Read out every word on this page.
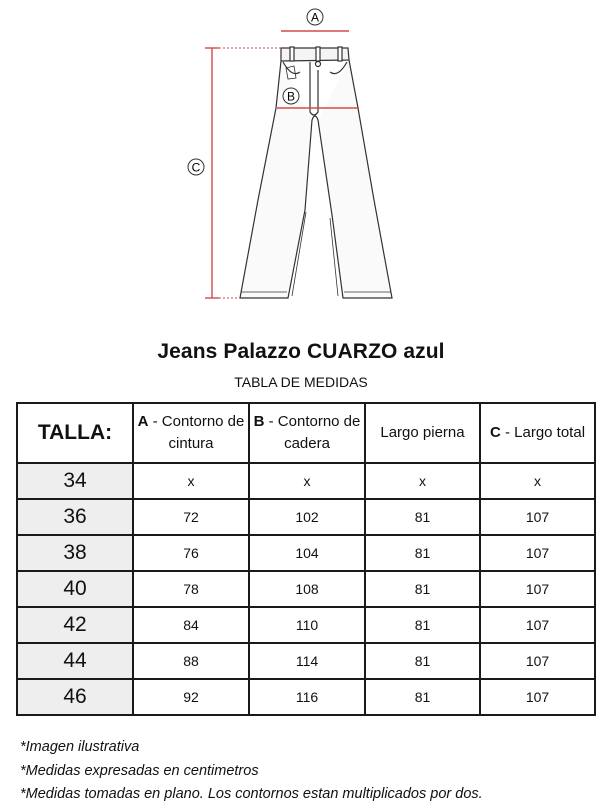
A
B
C
Jeans Palazzo CUARZO azul
TABLA DE MEDIDAS
TALLA:	A - Contorno de cintura	B - Contorno de cadera	Largo pierna	C - Largo total
34	x	x	x	x
36	72	102	81	107
38	76	104	81	107
40	78	108	81	107
42	84	110	81	107
44	88	114	81	107
46	92	116	81	107
*Imagen ilustrativa
*Medidas expresadas en centimetros
*Medidas tomadas en plano. Los contornos estan multiplicados por dos.
